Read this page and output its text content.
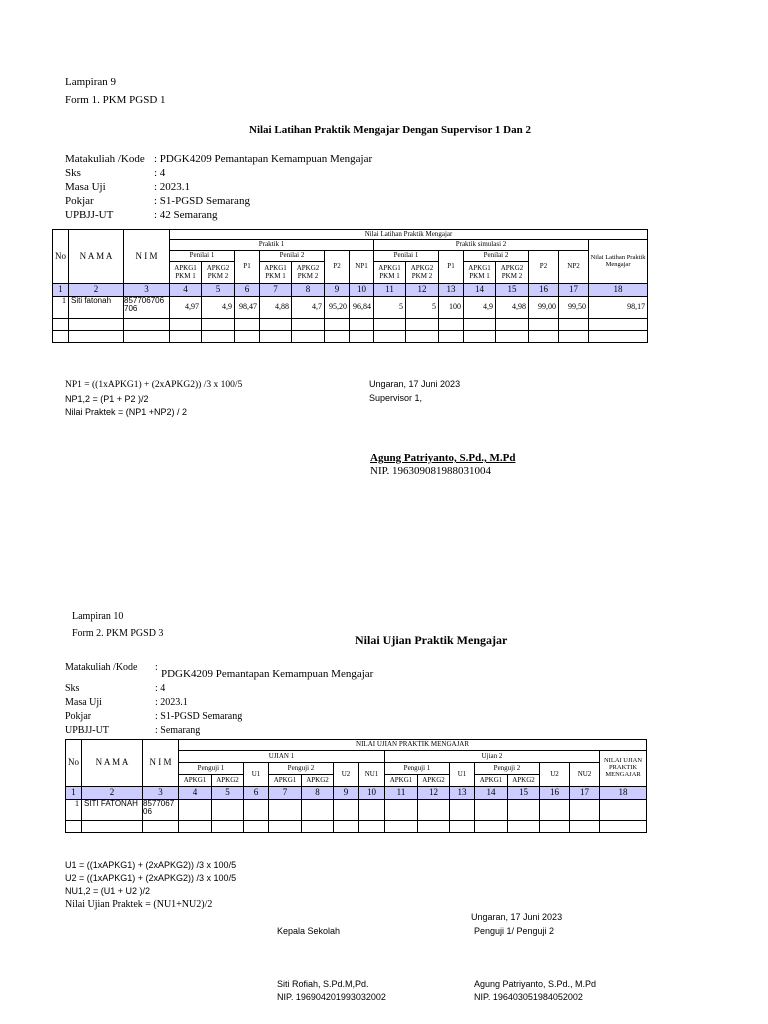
Lampiran 9
Form 1. PKM PGSD 1
Nilai Latihan Praktik Mengajar Dengan Supervisor 1 Dan 2
Matakuliah /Kode : PDGK4209 Pemantapan Kemampuan Mengajar
Sks	: 4
Masa Uji	: 2023.1
Pokjar	: S1-PGSD Semarang
UPBJJ-UT	: 42 Semarang
No	N A M A	N I M	Nilai Latihan Praktik Mengajar														
			Praktik 1							Praktik simulasi 2							Nilai Latihan Praktik Mengajar
			Penilai 1		P1	Penilai 2		P2	NP1	Penilai 1		P1	Penilai 2		P2	NP2	
			APKG1 PKM 1	APKG2 PKM 2		APKG1 PKM 1	APKG2 PKM 2			APKG1 PKM 1	APKG2 PKM 2		APKG1 PKM 1	APKG2 PKM 2			
1	2	3	4	5	6	7	8	9	10	11	12	13	14	15	16	17	18
1	Siti fatonah	857706706 706	4,97	4,9	98,47	4,88	4,7	95,20	96,84	5	5	100	4,9	4,98	99,00	99,50	98,17

NP1 = ((1xAPKG1) + (2xAPKG2)) /3 x 100/5
NP1,2 = (P1 + P2 )/2
Nilai Praktek = (NP1 +NP2) / 2
Ungaran, 17 Juni 2023
Supervisor 1,
Agung Patriyanto, S.Pd., M.Pd
NIP. 196309081988031004
Lampiran 10
Form 2. PKM PGSD 3	Nilai Ujian Praktik Mengajar
Matakuliah /Kode :
PDGK4209 Pemantapan Kemampuan Mengajar
Sks	: 4
Masa Uji	: 2023.1
Pokjar	: S1-PGSD Semarang
UPBJJ-UT	: Semarang
No	N A M A	N I M	NILAI UJIAN PRAKTIK MENGAJAR														
			UJIAN 1							Ujian 2							NILAI UJIAN PRAKTIK MENGAJAR
			Penguji 1		U1	Penguji 2		U2	NU1	Penguji 1		U1	Penguji 2		U2	NU2	
			APKG1	APKG2		APKG1	APKG2			APKG1	APKG2		APKG1	APKG2			
1	2	3	4	5	6	7	8	9	10	11	12	13	14	15	16	17	18
1	SITI FATONAH	8577067 06															

U1 = ((1xAPKG1) + (2xAPKG2)) /3 x 100/5
U2 = ((1xAPKG1) + (2xAPKG2)) /3 x 100/5
NU1,2 = (U1 + U2 )/2
Nilai Ujian Praktek = (NU1+NU2)/2
Ungaran, 17 Juni 2023
Kepala Sekolah	Penguji 1/ Penguji 2
Siti Rofiah, S.Pd.M,Pd.
NIP. 196904201993032002
Agung Patriyanto, S.Pd., M.Pd
NIP. 196403051984052002
